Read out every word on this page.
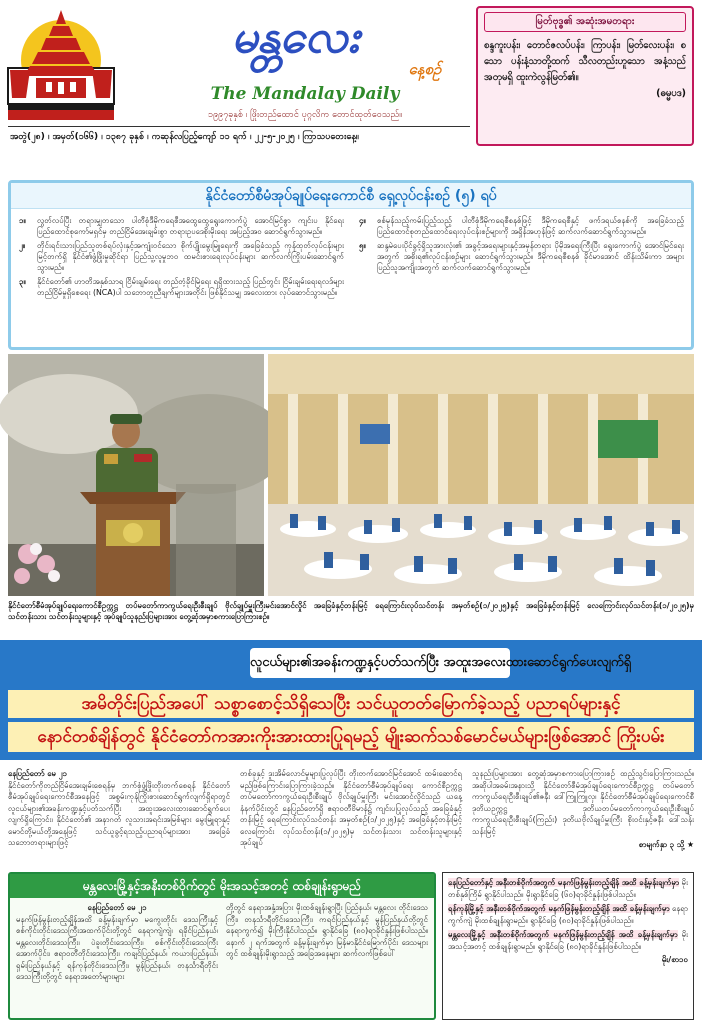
မန္တလေး
နေ့စဉ်
The Mandalay Daily
၁၉၉၇ခုနှစ် ၊ ဖြိုးတည်ထောင် ပုဂ္ဂလိက တောင်ထုတ်ဝေသည်။
အတွဲ(၂၈) ၊ အမှတ်(၁၆၆) ၊ ၁၃၈၇ ခုနှစ် ၊ ကဆုန်လပြည့်ကျော် ၁၁ ရက် ၊ ၂၂-၅-၂၀၂၅ ၊ ကြာသပတေးနေ့။
မြတ်ဗုဒ္ဓ၏ အဆုံးအမတရား
စန္ဒကူးပန်း၊ တောင်ဇလပ်ပန်း၊ ကြာပန်း၊ မြတ်လေးပန်း၊ စသော ပန်းနံ့သာတို့ထက် သီလတည်းဟူသော အနံ့သည် အတုမရှိ ထူးကဲလွန်မြတ်၏။
(ဓမ္မပဒ)
နိုင်ငံတော်စီမံအုပ်ချုပ်ရေးကောင်စီ ရှေ့လုပ်ငန်းစဉ် (၅) ရပ်
၁။	လွတ်လပ်ပြီး တရားမျှတသော ပါတီစုံဒီမိုကရေစီအထွေထွေရွေးကောက်ပွဲ အောင်မြင်စွာ ကျင်းပ နိုင်ရေး ပြည်ထောင်စုကော်မရှင်မှ တည်ငြိမ်အေးချမ်းစွာ တရားဥပဒေစိုးမိုးရေး အပြည့်အဝ ဆောင်ရွက်သွားမည်။
၂။	တိုင်းရင်းသားပြည်သူတစ်ရပ်လုံးနှင့်အကျုံးဝင်သော စိုက်ပျိုးမွေးမြူရေးကို အခြေခံသည့် ကုန်ထုတ်လုပ်ငန်းများ မြင့်တက်ရှိ နိုင်ငံ၏ဖွံ့ဖြိုးမှုဆိုင်ရာ ပြည်သူ့လူမှုဘဝ ထမင်းစားရေးလုပ်ငန်းများ ဆက်လက်ကြိုးပမ်းဆောင်ရွက်သွားမည်။
၃။	နိုင်ငံတော်၏ ဟာတိအနှစ်သာရ ငြိမ်းချမ်းရေး တည်တံ့ခိုင်မြဲရေး ရရှိထားသည့် ပြည်တွင်း ငြိမ်းချမ်းရေးရလဒ်များ တည်ငြိမ်မှုရှိစေရေး (NCA)ပါ သဘောတူညီချက်များအတိုင်း ဖြစ်နိုင်သမျှ အလေးထား လုပ်ဆောင်သွားမည်။
၄။	စစ်မှန်သည့်ကမ်းပြည့်သည့် ပါတီစုံဒီမိုကရေစီစနစ်ဖြင့် ဒီမိုကရေစီနှင့် ဖက်ဒရယ်စနစ်ကို အခြေခံသည့် ပြည်ထောင်စုတည်ထောင်ရေးလုပ်ငန်းစဉ်များကို အရှိန်အဟုန်ဖြင့် ဆက်လက်ဆောင်ရွက်သွားမည်။
၅။	ဆန္ဒမဲပေးပိုင်ခွင့်ရှိသူအားလုံး၏ အခွင့်အရေးများနှင့်အမှန်တရား ပိုမိုအရေးကြီးပြီး ရွေးကောက်ပွဲ အောင်မြင်ရေးအတွက် အစိုးရ၏လုပ်ငန်းစဉ်များ ဆောင်ရွက်သွားမည်။ ဒီမိုကရေစီစနစ် ခိုင်မာအောင် ထိန်းသိမ်းကာ အများပြည်သူအကျိုးအတွက် ဆက်လက်ဆောင်ရွက်သွားမည်။
နိုင်ငံတော်စီမံအုပ်ချုပ်ရေးကောင်စီဥက္ကဋ္ဌ တပ်မတော်ကာကွယ်ရေးဦးစီးချုပ် ဗိုလ်ချုပ်မှူးကြီးမင်းအောင်လှိုင် အခြေခံနှင့်တန်းမြင့် ရေကြောင်းလုပ်သင်တန်း အမှတ်စဉ်(၁/၂၀၂၅)နှင့် အခြေခံနှင့်တန်းမြင့် လေကြောင်းလုပ်သင်တန်း(၁/၂၀၂၅)မှ သင်တန်းသား သင်တန်းသူများနှင့် အုပ်ချုပ်သူနည်းပြများအား တွေ့ဆုံအမှာစကားပြောကြားစဉ်။
လူငယ်များ၏အခန်းကဏ္ဍနှင့်ပတ်သက်ပြီး အထူးအလေးထားဆောင်ရွက်ပေးလျက်ရှိ
အမိတိုင်းပြည်အပေါ် သစ္စာစောင့်သိရှိသေပြီး သင်ယူတတ်မြောက်ခဲ့သည့် ပညာရပ်များနှင့်
နောင်တစ်ချိန်တွင် နိုင်ငံတော်ကအားကိုးအားထားပြုရမည့် မျိုးဆက်သစ်မောင်မယ်များဖြစ်အောင် ကြိုးပမ်း
နေပြည်တော် မေ ၂၁
နိုင်ငံတော်ကိုတည်ငြိမ်အေးချမ်းစေရန်မှ ဘက်စုံဖွံ့ဖြိုးတိုးတက်စေရန် နိုင်ငံတော်စီမံအုပ်ချုပ်ရေးကောင်စီအနေဖြင့် အစွမ်းကုန်ကြိုးစားဆောင်ရွက်လျက်ရှိရာတွင် လူငယ်များ၏အခန်းကဏ္ဍနှင့်ပတ်သက်ပြီး အထူးအလေးထားဆောင်ရွက်ပေးလျက်ရှိကြောင်း၊ နိုင်ငံတော်၏ အနာဂတ် လူသားအရင်းအမြစ်များ မွေးမြူရာနှင့် မောင်တို့မယ်တို့အနေဖြင့် သင်ယူခွင့်ရသည့်ပညာရပ်များအား အခြေခံသဘောတရားများဖြင့်
တစ်ခုနှင့် ဒူးအိမ်လောင်မှုများပြုလုပ်ပြီး တိုးတက်အောင်မြင်အောင် ထမ်းဆောင်ရမည်ဖြစ်ကြောင်းပြောကြားခဲ့သည်။ နိုင်ငံတော်စီမံအုပ်ချုပ်ရေး ကောင်စီဥက္ကဋ္ဌ တပ်မတော်ကာကွယ်ရေးဦးစီးချုပ် ဗိုလ်ချုပ်မှူးကြီး မင်းအောင်လှိုင်သည် ယနေ့နံနက်ပိုင်းတွင် နေပြည်တော်ရှိ ဧရာဝတီဗိမာန်၌ ကျင်းပပြုလုပ်သည့် အခြေခံနှင့်တန်းမြင့် ရေကြောင်းလုပ်သင်တန်း အမှတ်စဉ်(၁/၂၀၂၅)နှင့် အခြေခံနှင့်တန်းမြင့် လေကြောင်း လုပ်သင်တန်း(၁/၂၀၂၅)မှ သင်တန်းသား သင်တန်းသူများနှင့် အုပ်ချုပ်
သူနည်းပြများအား တွေ့ဆုံအမှာစကားပြောကြားစဉ် ထည့်သွင်းပြောကြားသည်။ အဆိုပါအခမ်းအနားသို့ နိုင်ငံတော်စီမံအုပ်ချုပ်ရေးကောင်စီဥက္ကဋ္ဌ တပ်မတော်ကာကွယ်ရေးဦးစီးချုပ်၏ဇနီး ဒေါ်ကြူကြူလှ၊ နိုင်ငံတော်စီမံအုပ်ချုပ်ရေးကောင်စီ ဒုတိယဥက္ကဋ္ဌ ဒုတိယတပ်မတော်ကာကွယ်ရေးဦးစီးချုပ် ကာကွယ်ရေးဦးစီးချုပ်(ကြည်း) ဒုတိယဗိုလ်ချုပ်မှူးကြီး စိုးဝင်းနှင့်ဇနီး ဒေါ်သန်းသန်းမြင့်
စာမျက်နှာ ၃ သို့ ★
မန္တလေးမြို့နှင့်အနီးတစ်ဝိုက်တွင် မိုးအသင့်အတင့် ထစ်ချုန်းရွာမည်
နေပြည်တော် မေ ၂၁
မနက်ဖြန်မွန်းတည့်ချိန်အထိ ခန့်မှန်းချက်မှာ မကွေးတိုင်း ဒေသကြီးနှင့် စစ်ကိုင်းတိုင်းဒေသကြီးအထက်ပိုင်းတို့တွင် နေရာကျဲကျဲ၊ ရခိုင်ပြည်နယ်၊ မန္တလေးတိုင်းဒေသကြီး၊ ပဲခူးတိုင်းဒေသကြီး၊ စစ်ကိုင်းတိုင်းဒေသကြီးအောက်ပိုင်း၊ ဧရာဝတီတိုင်းဒေသကြီး၊ ကချင်ပြည်နယ်၊ ကယားပြည်နယ်၊ ရှမ်းပြည်နယ်နှင့် ရန်ကုန်တိုင်းဒေသကြီး၊ မွန်ပြည်နယ်၊ တနင်္သာရီတိုင်းဒေသကြီးတို့တွင် နေရာအတော်များများ
တို့တွင် နေရာအနှံ့အပြား မိုးထစ်ချုန်းရွာပြီး ပြည်နယ်၊ မန္တလေး တိုင်းဒေသကြီး၊ တနင်္သာရီတိုင်းဒေသကြီး၊ ကရင်ပြည်နယ်နှင့် မွန်ပြည်နယ်တို့တွင် နေရာကွက်၍ မိုးကြီးနိုင်ပါသည်။ ရွာနိုင်ခြေ (၈၀)ရာခိုင်နှုန်းဖြစ်ပါသည်။ နောက် ၂ ရက်အတွက် ခန့်မှန်းချက်မှာ မြန်မာနိုင်ငံမြောက်ပိုင်း ဒေသများတွင် ထစ်ချုန်းမိုးရွာသည့် အခြေအနေများ ဆက်လက်ဖြစ်ပေါ်

နေပြည်တော်နှင့် အနီးတစ်ဝိုက်အတွက် မနက်ဖြန်မွန်းတည့်ချိန် အထိ ခန့်မှန်းချက်မှာ မိုးတစ်နှစ်ကြိမ် ရွာနိုင်ပါသည်။ မိုးရွာနိုင်ခြေ (၆၀)ရာခိုင်နှုန်းဖြစ်ပါသည်။

ရန်ကုန်မြို့နှင့် အနီးတစ်ဝိုက်အတွက် မနက်ဖြန်မွန်းတည့်ချိန် အထိ ခန့်မှန်းချက်မှာ နေရာကွက်ကျဲ မိုးထစ်ချုန်းရွာမည်။ ရွာနိုင်ခြေ (၈၀)ရာခိုင်နှုန်းဖြစ်ပါသည်။

မန္တလေးမြို့နှင့် အနီးတစ်ဝိုက်အတွက် မနက်ဖြန်မွန်းတည့်ချိန် အထိ ခန့်မှန်းချက်မှာ မိုးအသင့်အတင့် ထစ်ချုန်းရွာမည်။ ရွာနိုင်ခြေ (၈၀)ရာခိုင်နှုန်းဖြစ်ပါသည်။

မိုး/စာ၁၀
